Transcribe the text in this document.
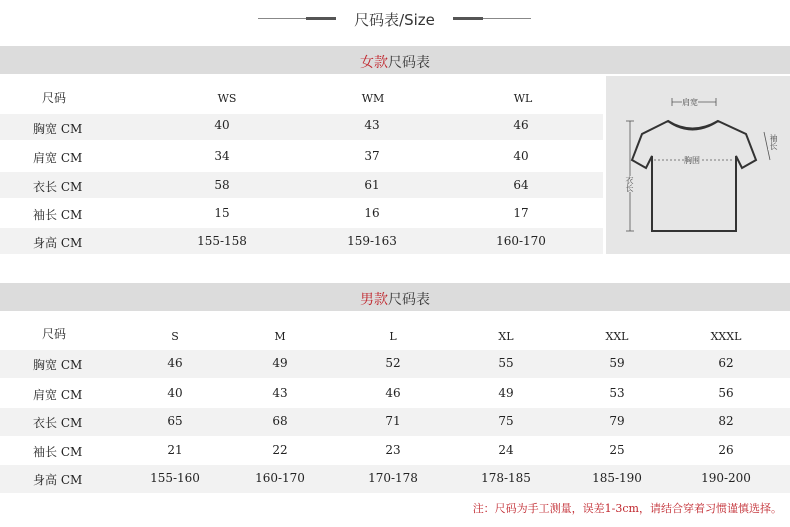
尺码表/Size
女款尺码表
尺码	WS	WM	WL
胸宽 CM	40	43	46
肩宽 CM	34	37	40
衣长 CM	58	61	64
袖长 CM	15	16	17
身高 CM	155-158	159-163	160-170
肩宽
胸围
衣长
袖长
男款尺码表
尺码	S	M	L	XL	XXL	XXXL
胸宽 CM	46	49	52	55	59	62
肩宽 CM	40	43	46	49	53	56
衣长 CM	65	68	71	75	79	82
袖长 CM	21	22	23	24	25	26
身高 CM	155-160	160-170	170-178	178-185	185-190	190-200
注：尺码为手工测量，误差1-3cm，请结合穿着习惯谨慎选择。
